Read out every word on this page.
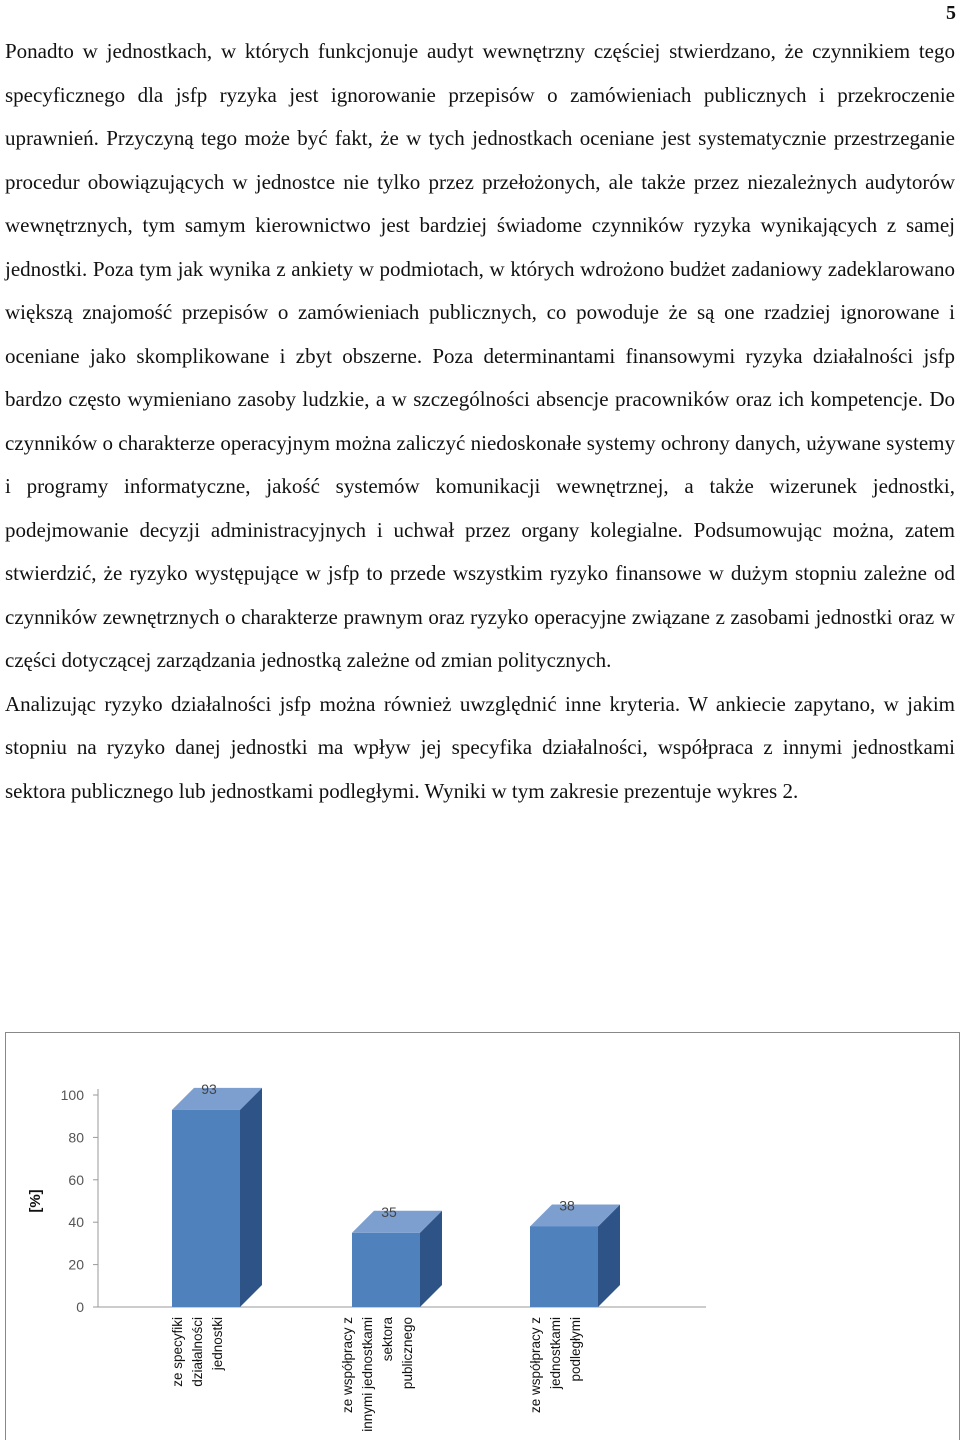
5

Ponadto w jednostkach, w których funkcjonuje audyt wewnętrzny częściej stwierdzano, że czynnikiem tego specyficznego dla jsfp ryzyka jest ignorowanie przepisów o zamówieniach publicznych i przekroczenie uprawnień. Przyczyną tego może być fakt, że w tych jednostkach oceniane jest systematycznie przestrzeganie procedur obowiązujących w jednostce nie tylko przez przełożonych, ale także przez niezależnych audytorów wewnętrznych, tym samym kierownictwo jest bardziej świadome czynników ryzyka wynikających z samej jednostki. Poza tym jak wynika z ankiety w podmiotach, w których wdrożono budżet zadaniowy zadeklarowano większą znajomość przepisów o zamówieniach publicznych, co powoduje że są one rzadziej ignorowane i oceniane jako skomplikowane i zbyt obszerne. Poza determinantami finansowymi ryzyka działalności jsfp bardzo często wymieniano zasoby ludzkie, a w szczególności absencje pracowników oraz ich kompetencje. Do czynników o charakterze operacyjnym można zaliczyć niedoskonałe systemy ochrony danych, używane systemy i programy informatyczne, jakość systemów komunikacji wewnętrznej, a także wizerunek jednostki, podejmowanie decyzji administracyjnych i uchwał przez organy kolegialne. Podsumowując można, zatem stwierdzić, że ryzyko występujące w jsfp to przede wszystkim ryzyko finansowe w dużym stopniu zależne od czynników zewnętrznych o charakterze prawnym oraz ryzyko operacyjne związane z zasobami jednostki oraz w części dotyczącej zarządzania jednostką zależne od zmian politycznych.

Analizując ryzyko działalności jsfp można również uwzględnić inne kryteria. W ankiecie zapytano, w jakim stopniu na ryzyko danej jednostki ma wpływ jej specyfika działalności, współpraca z innymi jednostkami sektora publicznego lub jednostkami podległymi. Wyniki w tym zakresie prezentuje wykres 2.

0
20
40
60
80
100
[%]
93
ze specyfiki działalności jednostki
35
ze współpracy z innymi jednostkami sektora publicznego
38
ze współpracy z jednostkami podległymi
